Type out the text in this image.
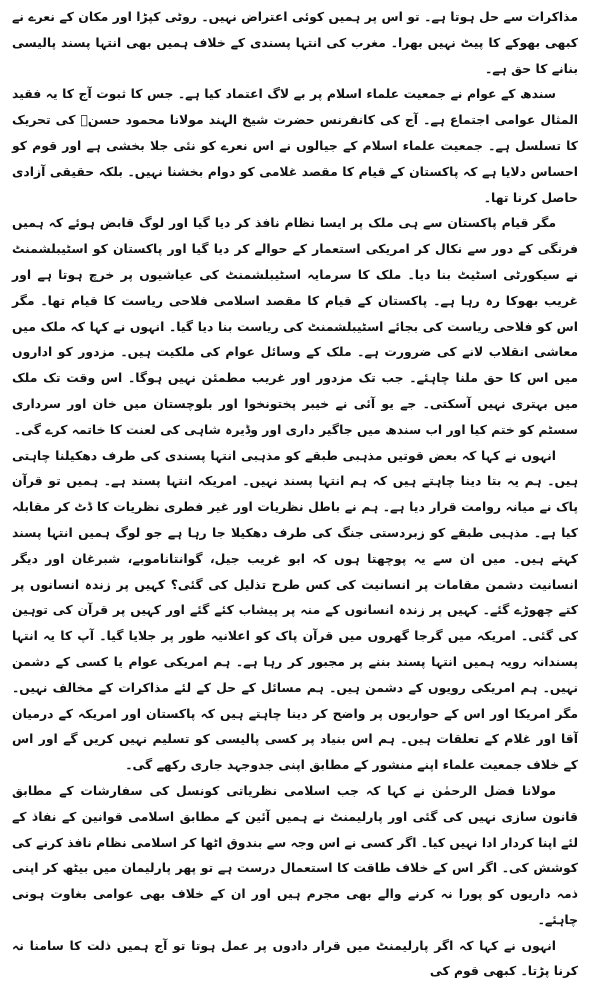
مذاکرات سے حل ہوتا ہے۔ تو اس پر ہمیں کوئی اعتراض نہیں۔ روٹی کپڑا اور مکان کے نعرے نے کبھی بھوکے کا پیٹ نہیں بھرا۔ مغرب کی انتہا پسندی کے خلاف ہمیں بھی انتہا پسند پالیسی بنانے کا حق ہے۔

سندھ کے عوام نے جمعیت علماء اسلام پر بے لاگ اعتماد کیا ہے۔ جس کا ثبوت آج کا یہ فقید المثال عوامی اجتماع ہے۔ آج کی کانفرنس حضرت شیخ الہند مولانا محمود حسنؒ کی تحریک کا تسلسل ہے۔ جمعیت علماء اسلام کے جیالوں نے اس نعرے کو نئی جلا بخشی ہے اور قوم کو احساس دلایا ہے کہ پاکستان کے قیام کا مقصد غلامی کو دوام بخشنا نہیں۔ بلکہ حقیقی آزادی حاصل کرنا تھا۔

مگر قیام پاکستان سے ہی ملک پر ایسا نظام نافذ کر دیا گیا اور لوگ قابض ہوئے کہ ہمیں فرنگی کے دور سے نکال کر امریکی استعمار کے حوالے کر دیا گیا اور پاکستان کو اسٹیبلشمنٹ نے سیکورٹی اسٹیٹ بنا دیا۔ ملک کا سرمایہ اسٹیبلشمنٹ کی عیاشیوں پر خرچ ہوتا ہے اور غریب بھوکا رہ رہا ہے۔ پاکستان کے قیام کا مقصد اسلامی فلاحی ریاست کا قیام تھا۔ مگر اس کو فلاحی ریاست کی بجائے اسٹیبلشمنٹ کی ریاست بنا دیا گیا۔ انہوں نے کہا کہ ملک میں معاشی انقلاب لانے کی ضرورت ہے۔ ملک کے وسائل عوام کی ملکیت ہیں۔ مزدور کو اداروں میں اس کا حق ملنا چاہئے۔ جب تک مزدور اور غریب مطمئن نہیں ہوگا۔ اس وقت تک ملک میں بہتری نہیں آسکتی۔ جے یو آئی نے خیبر پختونخوا اور بلوچستان میں خان اور سرداری سسٹم کو ختم کیا اور اب سندھ میں جاگیر داری اور وڈیرہ شاہی کی لعنت کا خاتمہ کرے گی۔

انہوں نے کہا کہ بعض قوتیں مذہبی طبقے کو مذہبی انتہا پسندی کی طرف دھکیلنا چاہتی ہیں۔ ہم یہ بتا دینا چاہتے ہیں کہ ہم انتہا پسند نہیں۔ امریکہ انتہا پسند ہے۔ ہمیں تو قرآن پاک نے میانہ روامت قرار دیا ہے۔ ہم نے باطل نظریات اور غیر فطری نظریات کا ڈٹ کر مقابلہ کیا ہے۔ مذہبی طبقے کو زبردستی جنگ کی طرف دھکیلا جا رہا ہے جو لوگ ہمیں انتہا پسند کہتے ہیں۔ میں ان سے یہ پوچھتا ہوں کہ ابو غریب جیل، گوانتاناموبے، شبرغان اور دیگر انسانیت دشمن مقامات پر انسانیت کی کس طرح تذلیل کی گئی؟ کہیں پر زندہ انسانوں پر کتے چھوڑے گئے۔ کہیں پر زندہ انسانوں کے منہ پر پیشاب کئے گئے اور کہیں پر قرآن کی توہین کی گئی۔ امریکہ میں گرجا گھروں میں قرآن پاک کو اعلانیہ طور پر جلایا گیا۔ آپ کا یہ انتہا پسندانہ رویہ ہمیں انتہا پسند بننے پر مجبور کر رہا ہے۔ ہم امریکی عوام یا کسی کے دشمن نہیں۔ ہم امریکی رویوں کے دشمن ہیں۔ ہم مسائل کے حل کے لئے مذاکرات کے مخالف نہیں۔ مگر امریکا اور اس کے حواریوں پر واضح کر دینا چاہتے ہیں کہ پاکستان اور امریکہ کے درمیان آقا اور غلام کے تعلقات ہیں۔ ہم اس بنیاد پر کسی پالیسی کو تسلیم نہیں کریں گے اور اس کے خلاف جمعیت علماء اپنے منشور کے مطابق اپنی جدوجہد جاری رکھے گی۔

مولانا فضل الرحمٰن نے کہا کہ جب اسلامی نظریاتی کونسل کی سفارشات کے مطابق قانون سازی نہیں کی گئی اور پارلیمنٹ نے ہمیں آئین کے مطابق اسلامی قوانین کے نفاذ کے لئے اپنا کردار ادا نہیں کیا۔ اگر کسی نے اس وجہ سے بندوق اٹھا کر اسلامی نظام نافذ کرنے کی کوشش کی۔ اگر اس کے خلاف طاقت کا استعمال درست ہے تو پھر پارلیمان میں بیٹھ کر اپنی ذمہ داریوں کو پورا نہ کرنے والے بھی مجرم ہیں اور ان کے خلاف بھی عوامی بغاوت ہونی چاہئے۔

انہوں نے کہا کہ اگر پارلیمنٹ میں قرار دادوں پر عمل ہوتا تو آج ہمیں ذلت کا سامنا نہ کرنا پڑتا۔ کبھی قوم کی
